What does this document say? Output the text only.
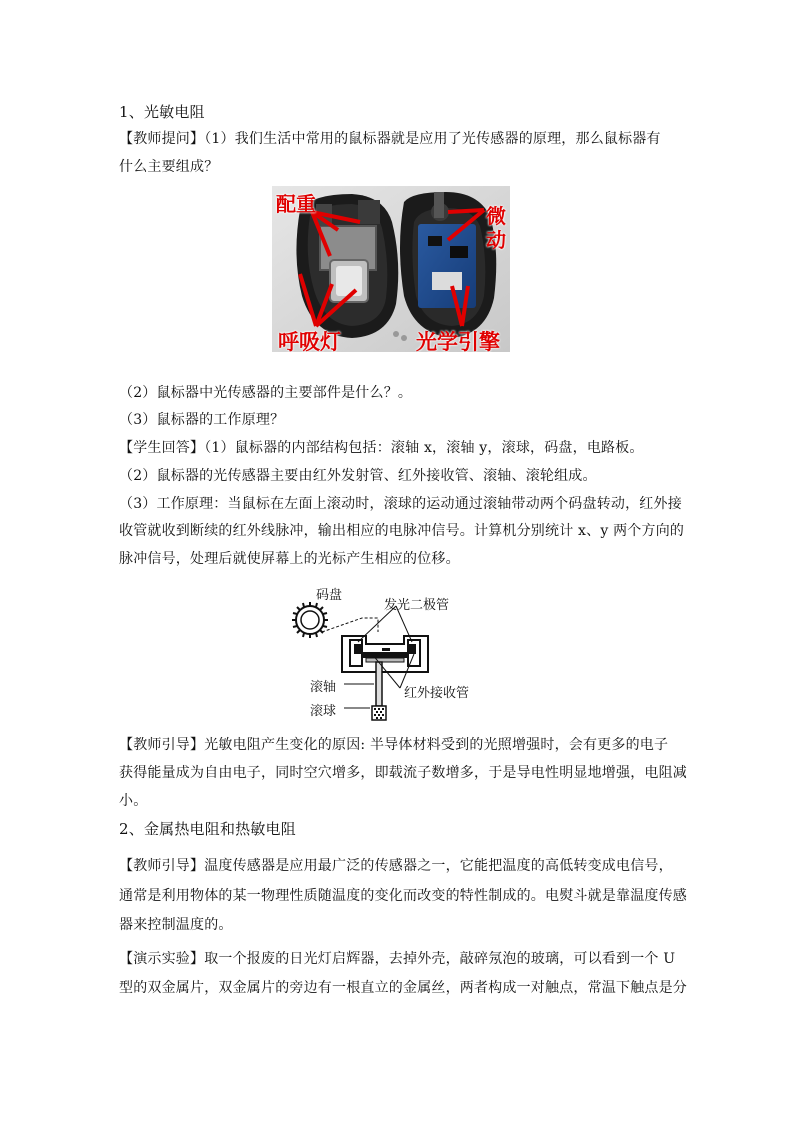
1、光敏电阻
【教师提问】（1）我们生活中常用的鼠标器就是应用了光传感器的原理，那么鼠标器有
什么主要组成？
配重	微
动
呼吸灯	光学引擎
（2）鼠标器中光传感器的主要部件是什么？。
（3）鼠标器的工作原理？
【学生回答】（1）鼠标器的内部结构包括：滚轴 x，滚轴 y，滚球，码盘，电路板。
（2）鼠标器的光传感器主要由红外发射管、红外接收管、滚轴、滚轮组成。
（3）工作原理：当鼠标在左面上滚动时，滚球的运动通过滚轴带动两个码盘转动，红外接
收管就收到断续的红外线脉冲，输出相应的电脉冲信号。计算机分别统计 x、y 两个方向的
脉冲信号，处理后就使屏幕上的光标产生相应的位移。
码盘
发光二极管
滚轴	红外接收管
滚球
【教师引导】光敏电阻产生变化的原因: 半导体材料受到的光照增强时，会有更多的电子
获得能量成为自由电子，同时空穴增多，即载流子数增多，于是导电性明显地增强，电阻减
小。
2、金属热电阻和热敏电阻
【教师引导】温度传感器是应用最广泛的传感器之一，它能把温度的高低转变成电信号，
通常是利用物体的某一物理性质随温度的变化而改变的特性制成的。电熨斗就是靠温度传感
器来控制温度的。
【演示实验】取一个报废的日光灯启辉器，去掉外壳，敲碎氖泡的玻璃，可以看到一个 U
型的双金属片，双金属片的旁边有一根直立的金属丝，两者构成一对触点，常温下触点是分
